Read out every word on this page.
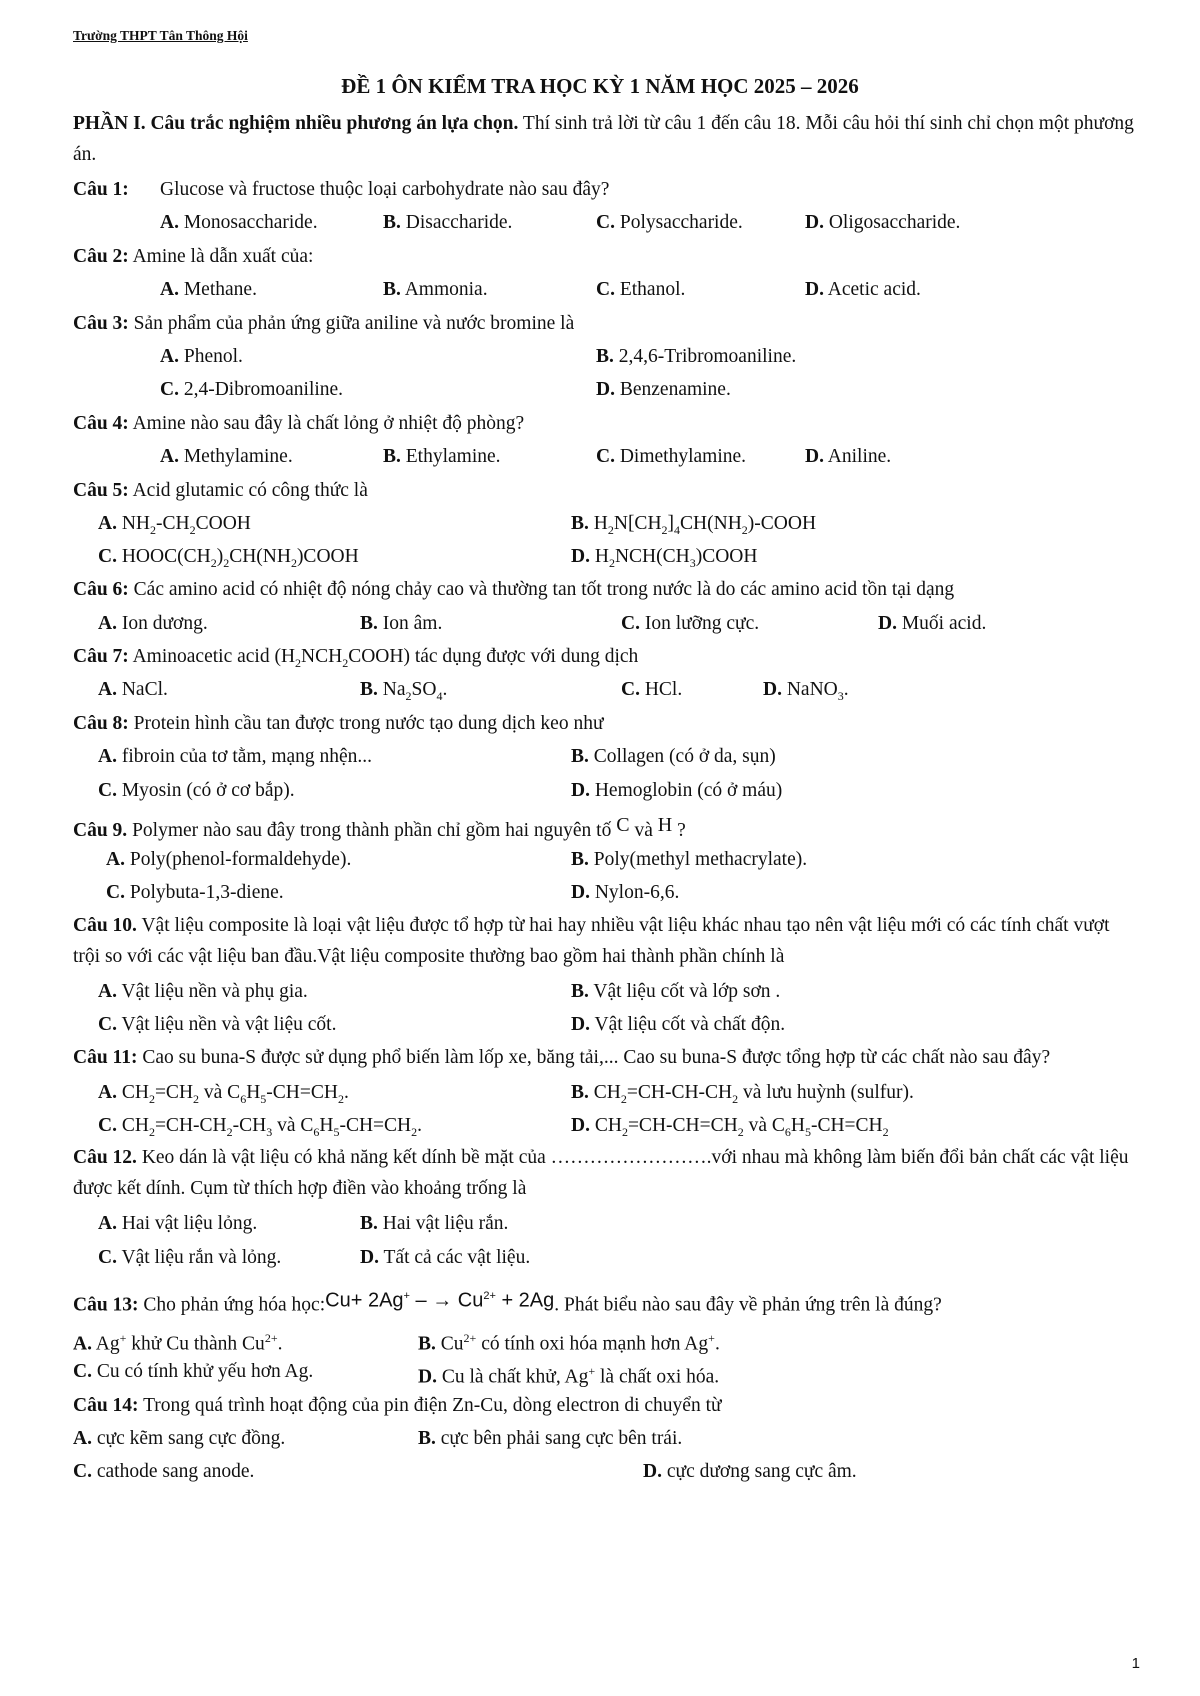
Trường THPT Tân Thông Hội
ĐỀ 1 ÔN KIỂM TRA HỌC KỲ 1 NĂM HỌC 2025 – 2026
PHẦN I. Câu trắc nghiệm nhiều phương án lựa chọn. Thí sinh trả lời từ câu 1 đến câu 18. Mỗi câu hỏi thí sinh chỉ chọn một phương án.
Câu 1: Glucose và fructose thuộc loại carbohydrate nào sau đây?
A. Monosaccharide.	B. Disaccharide.	C. Polysaccharide.	D. Oligosaccharide.
Câu 2: Amine là dẫn xuất của:
A. Methane.	B. Ammonia.	C. Ethanol.	D. Acetic acid.
Câu 3: Sản phẩm của phản ứng giữa aniline và nước bromine là
A. Phenol.	B. 2,4,6-Tribromoaniline.
C. 2,4-Dibromoaniline.	D. Benzenamine.
Câu 4: Amine nào sau đây là chất lỏng ở nhiệt độ phòng?
A. Methylamine.	B. Ethylamine.	C. Dimethylamine.	D. Aniline.
Câu 5: Acid glutamic có công thức là
A. $NH_2-CH_2COOH$	B. $H_2N[CH_2]_4CH(NH_2)$-COOH
C. $HOOC(CH_2)_2CH(NH_2)COOH$	D. $H_2NCH(CH_3)COOH$
Câu 6: Các amino acid có nhiệt độ nóng chảy cao và thường tan tốt trong nước là do các amino acid tồn tại dạng
A. Ion dương.	B. Ion âm.	C. Ion lưỡng cực.	D. Muối acid.
Câu 7: Aminoacetic acid $(H_2NCH_2COOH)$ tác dụng được với dung dịch
A. NaCl.	B. $Na_2SO_4$.	C. HCl.	D. NaNO$_3$.
Câu 8: Protein hình cầu tan được trong nước tạo dung dịch keo như
A. fibroin của tơ tằm, mạng nhện...	B. Collagen (có ở da, sụn)
C. Myosin (có ở cơ bắp).	D. Hemoglobin (có ở máu)
Câu 9. Polymer nào sau đây trong thành phần chỉ gồm hai nguyên tố C và H ?
A. Poly(phenol-formaldehyde).	B. Poly(methyl methacrylate).
C. Polybuta-1,3-diene.	D. Nylon-6,6.
Câu 10. Vật liệu composite là loại vật liệu được tổ hợp từ hai hay nhiều vật liệu khác nhau tạo nên vật liệu mới có các tính chất vượt trội so với các vật liệu ban đầu.Vật liệu composite thường bao gồm hai thành phần chính là
A. Vật liệu nền và phụ gia.	B. Vật liệu cốt và lớp sơn .
C. Vật liệu nền và vật liệu cốt.	D. Vật liệu cốt và chất độn.
Câu 11: Cao su buna-S được sử dụng phổ biến làm lốp xe, băng tải,... Cao su buna-S được tổng hợp từ các chất nào sau đây?
A. $CH_2=CH_2$ và $C_6H_5-CH=CH_2$.	B. $CH_2=CH-CH-CH_2$ và lưu huỳnh (sulfur).
C. $CH_2=CH-CH_2-CH_3$ và $C_6H_5-CH=CH_2$.	D. $CH_2=CH-CH=CH_2$ và $C_6H_5-CH=CH_2$
Câu 12. Keo dán là vật liệu có khả năng kết dính bề mặt của …………………….với nhau mà không làm biến đổi bản chất các vật liệu được kết dính. Cụm từ thích hợp điền vào khoảng trống là
A. Hai vật liệu lỏng.	B. Hai vật liệu rắn.
C. Vật liệu rắn và lỏng.	D. Tất cả các vật liệu.
Câu 13: Cho phản ứng hóa học:Cu+ 2Ag+ – → $Cu^{2+} + 2Ag$. Phát biểu nào sau đây về phản ứng trên là đúng?
A. Ag+ khử Cu thành $Cu^{2+}$.	B. $Cu^{2+}$ có tính oxi hóa mạnh hơn Ag+.
C. Cu có tính khử yếu hơn Ag.	D. Cu là chất khử, Ag+ là chất oxi hóa.
Câu 14: Trong quá trình hoạt động của pin điện Zn-Cu, dòng electron di chuyển từ
A. cực kẽm sang cực đồng.	B. cực bên phải sang cực bên trái.
C. cathode sang anode.	D. cực dương sang cực âm.
1
